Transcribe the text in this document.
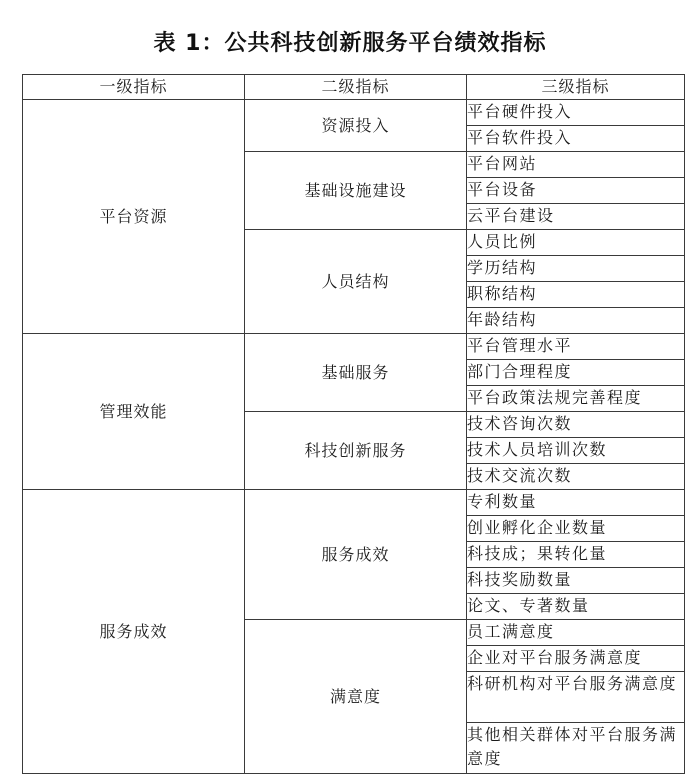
表 1：公共科技创新服务平台绩效指标
一级指标	二级指标	三级指标
平台资源	资源投入	平台硬件投入
		平台软件投入
	基础设施建设	平台网站
		平台设备
		云平台建设
	人员结构	人员比例
		学历结构
		职称结构
		年龄结构
管理效能	基础服务	平台管理水平
		部门合理程度
		平台政策法规完善程度
	科技创新服务	技术咨询次数
		技术人员培训次数
		技术交流次数
服务成效	服务成效	专利数量
		创业孵化企业数量
		科技成；果转化量
		科技奖励数量
		论文、专著数量
	满意度	员工满意度
		企业对平台服务满意度
		科研机构对平台服务满意度
		其他相关群体对平台服务满意度
